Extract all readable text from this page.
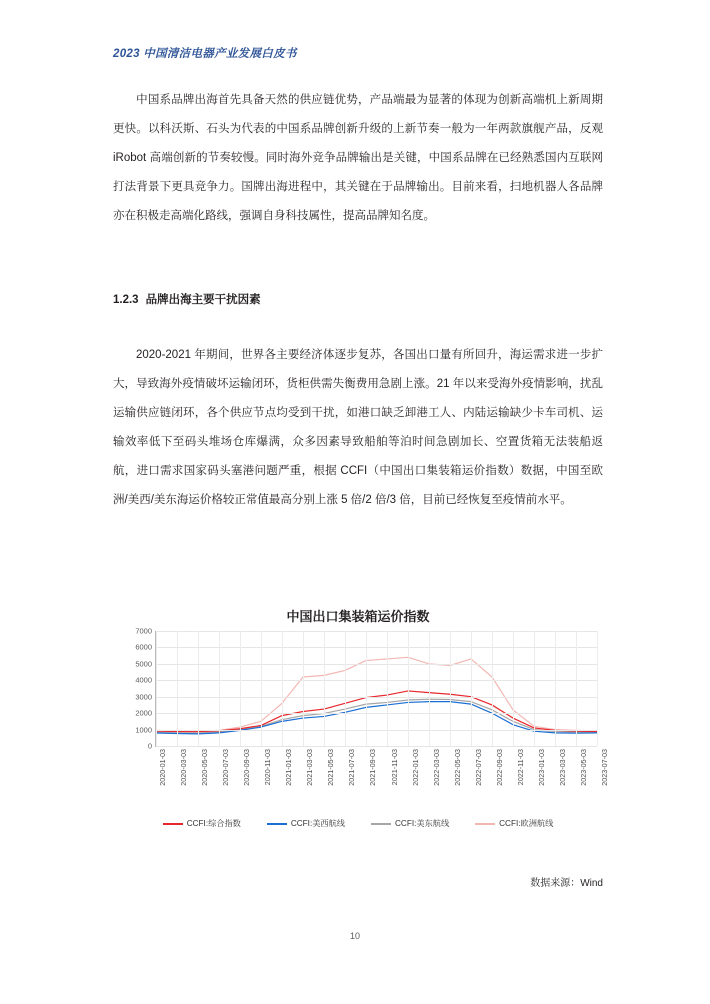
2023 中国清洁电器产业发展白皮书
中国系品牌出海首先具备天然的供应链优势，产品端最为显著的体现为创新高端机上新周期更快。以科沃斯、石头为代表的中国系品牌创新升级的上新节奏一般为一年两款旗舰产品，反观 iRobot 高端创新的节奏较慢。同时海外竞争品牌输出是关键，中国系品牌在已经熟悉国内互联网打法背景下更具竞争力。国牌出海进程中，其关键在于品牌输出。目前来看，扫地机器人各品牌亦在积极走高端化路线，强调自身科技属性，提高品牌知名度。
1.2.3 品牌出海主要干扰因素
2020-2021 年期间，世界各主要经济体逐步复苏，各国出口量有所回升，海运需求进一步扩大，导致海外疫情破坏运输闭环，货柜供需失衡费用急剧上涨。21 年以来受海外疫情影响，扰乱运输供应链闭环，各个供应节点均受到干扰，如港口缺乏卸港工人、内陆运输缺少卡车司机、运输效率低下至码头堆场仓库爆满，众多因素导致船舶等泊时间急剧加长、空置货箱无法装船返航，进口需求国家码头塞港问题严重，根据 CCFI（中国出口集装箱运价指数）数据，中国至欧洲/美西/美东海运价格较正常值最高分别上涨 5 倍/2 倍/3 倍，目前已经恢复至疫情前水平。
中国出口集装箱运价指数
0
1000
2000
3000
4000
5000
6000
7000
2020-01-03 2020-03-03 2020-05-03 2020-07-03 2020-09-03 2020-11-03 2021-01-03 2021-03-03 2021-05-03 2021-07-03 2021-09-03 2021-11-03 2022-01-03 2022-03-03 2022-05-03 2022-07-03 2022-09-03 2022-11-03 2023-01-03 2023-03-03 2023-05-03 2023-07-03
CCFI:综合指数	CCFI:美西航线	CCFI:美东航线	CCFI:欧洲航线
数据来源：Wind
10
